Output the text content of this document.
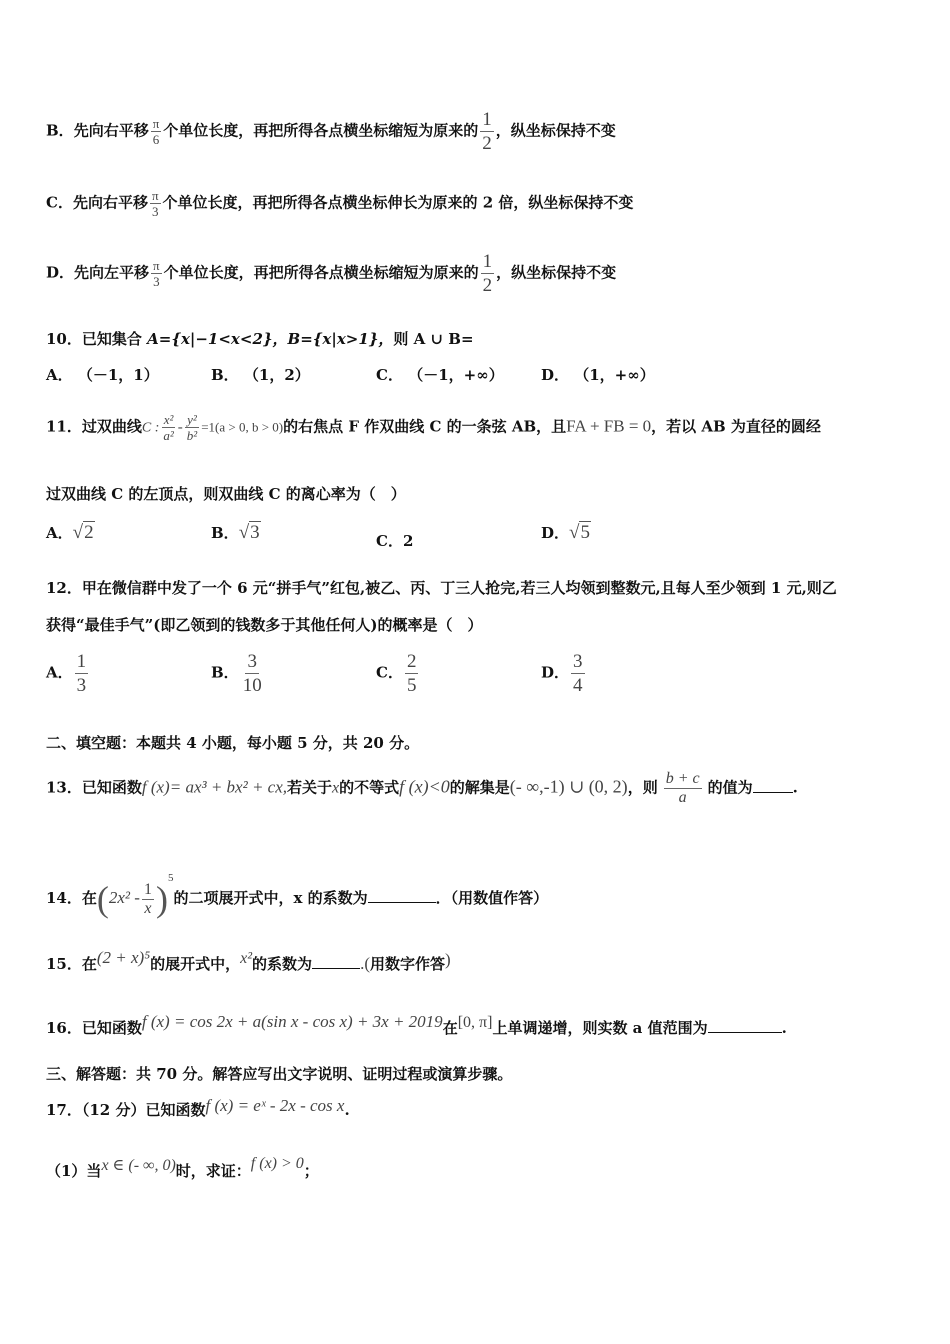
B．先向右平移 $\frac{\pi}{6}$ 个单位长度，再把所得各点横坐标缩短为原来的 $\frac{1}{2}$ ，纵坐标保持不变
C．先向右平移 $\frac{\pi}{3}$ 个单位长度，再把所得各点横坐标伸长为原来的 2 倍，纵坐标保持不变
D．先向左平移 $\frac{\pi}{3}$ 个单位长度，再把所得各点横坐标缩短为原来的 $\frac{1}{2}$ ，纵坐标保持不变
10．已知集合 A={x|−1<x<2}，B={x|x>1}，则 A ∪ B=
A． （－1，1）	B． （1，2）	C． （－1，+∞） D． （1，+∞）
11．过双曲线C : $\frac{\text{x²}}{\text{a²}} - \frac{\text{y²}}{\text{b²}} =1(a > 0$, b > 0)的右焦点 F 作双曲线 C 的一条弦 AB，且FA + FB = 0，若以 AB 为直径的圆经
过双曲线 C 的左顶点，则双曲线 C 的离心率为（　）
A．√2	B．√3	C．2	D．√5
12．甲在微信群中发了一个 6 元“拼手气”红包,被乙、丙、丁三人抢完,若三人均领到整数元,且每人至少领到 1 元,则乙
获得“最佳手气”(即乙领到的钱数多于其他任何人)的概率是（　）
A． $\frac{1}{3}$	B． $\frac{3}{10}$	C． $\frac{2}{5}$	D． $\frac{3}{4}$
二、填空题：本题共 4 小题，每小题 5 分，共 20 分。
13．已知函数f (x)= ax³ + bx² + cx,若关于x的不等式f (x)<0的解集是(- ∞,-1) ∪ (0, 2)，则 $\frac{b + c}{a}$ 的值为	.
14．在$(2x^2 - \frac{1}{x} )^5$的二项展开式中，x 的系数为	．（用数值作答）
15．在(2 + x)⁵的展开式中，x²的系数为	.(用数字作答)
16．已知函数f (x) = cos 2x + a(sin x - cos x) + 3x + 2019在[0, π]上单调递增，则实数 a 值范围为	.
三、解答题：共 70 分。解答应写出文字说明、证明过程或演算步骤。
17．（12 分）已知函数f (x) = eˣ - 2x - cos x.
（1）当x ∈ (- ∞, 0)时，求证：f (x) > 0；
